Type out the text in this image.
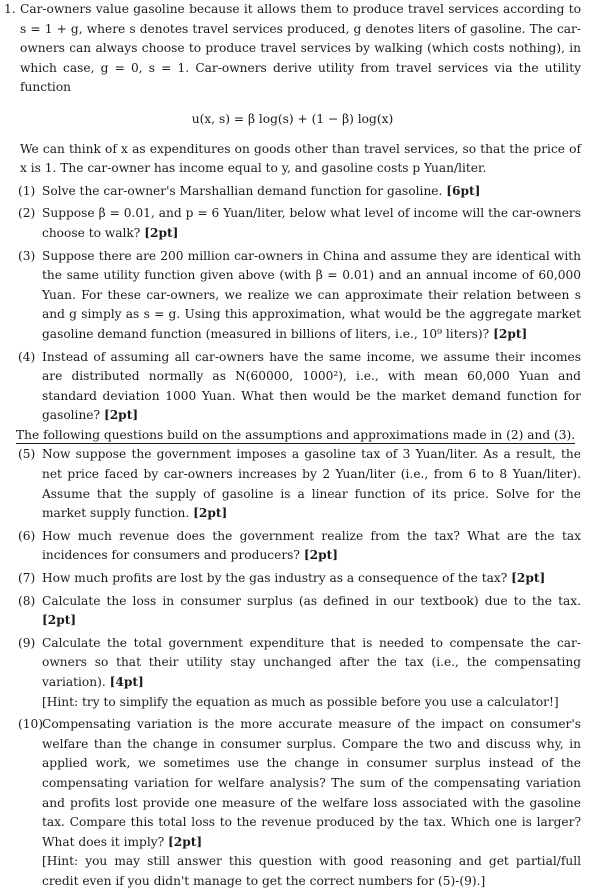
1. Car-owners value gasoline because it allows them to produce travel services according to s = 1 + g, where s denotes travel services produced, g denotes liters of gasoline. The car-owners can always choose to produce travel services by walking (which costs nothing), in which case, g = 0, s = 1. Car-owners derive utility from travel services via the utility function

u(x, s) = β log(s) + (1 − β) log(x)

We can think of x as expenditures on goods other than travel services, so that the price of x is 1. The car-owner has income equal to y, and gasoline costs p Yuan/liter.

(1) Solve the car-owner's Marshallian demand function for gasoline. [6pt]

(2) Suppose β = 0.01, and p = 6 Yuan/liter, below what level of income will the car-owners choose to walk? [2pt]

(3) Suppose there are 200 million car-owners in China and assume they are identical with the same utility function given above (with β = 0.01) and an annual income of 60,000 Yuan. For these car-owners, we realize we can approximate their relation between s and g simply as s = g. Using this approximation, what would be the aggregate market gasoline demand function (measured in billions of liters, i.e., 10⁹ liters)? [2pt]

(4) Instead of assuming all car-owners have the same income, we assume their incomes are distributed normally as N(60000, 1000²), i.e., with mean 60,000 Yuan and standard deviation 1000 Yuan. What then would be the market demand function for gasoline? [2pt]

The following questions build on the assumptions and approximations made in (2) and (3).

(5) Now suppose the government imposes a gasoline tax of 3 Yuan/liter. As a result, the net price faced by car-owners increases by 2 Yuan/liter (i.e., from 6 to 8 Yuan/liter). Assume that the supply of gasoline is a linear function of its price. Solve for the market supply function. [2pt]

(6) How much revenue does the government realize from the tax? What are the tax incidences for consumers and producers? [2pt]

(7) How much profits are lost by the gas industry as a consequence of the tax? [2pt]

(8) Calculate the loss in consumer surplus (as defined in our textbook) due to the tax. [2pt]

(9) Calculate the total government expenditure that is needed to compensate the car-owners so that their utility stay unchanged after the tax (i.e., the compensating variation). [4pt]

[Hint: try to simplify the equation as much as possible before you use a calculator!]

(10)

Compensating variation is the more accurate measure of the impact on consumer's welfare than the change in consumer surplus. Compare the two and discuss why, in applied work, we sometimes use the change in consumer surplus instead of the compensating variation for welfare analysis? The sum of the compensating variation and profits lost provide one measure of the welfare loss associated with the gasoline tax. Compare this total loss to the revenue produced by the tax. Which one is larger? What does it imply? [2pt]

[Hint: you may still answer this question with good reasoning and get partial/full credit even if you didn't manage to get the correct numbers for (5)-(9).]
